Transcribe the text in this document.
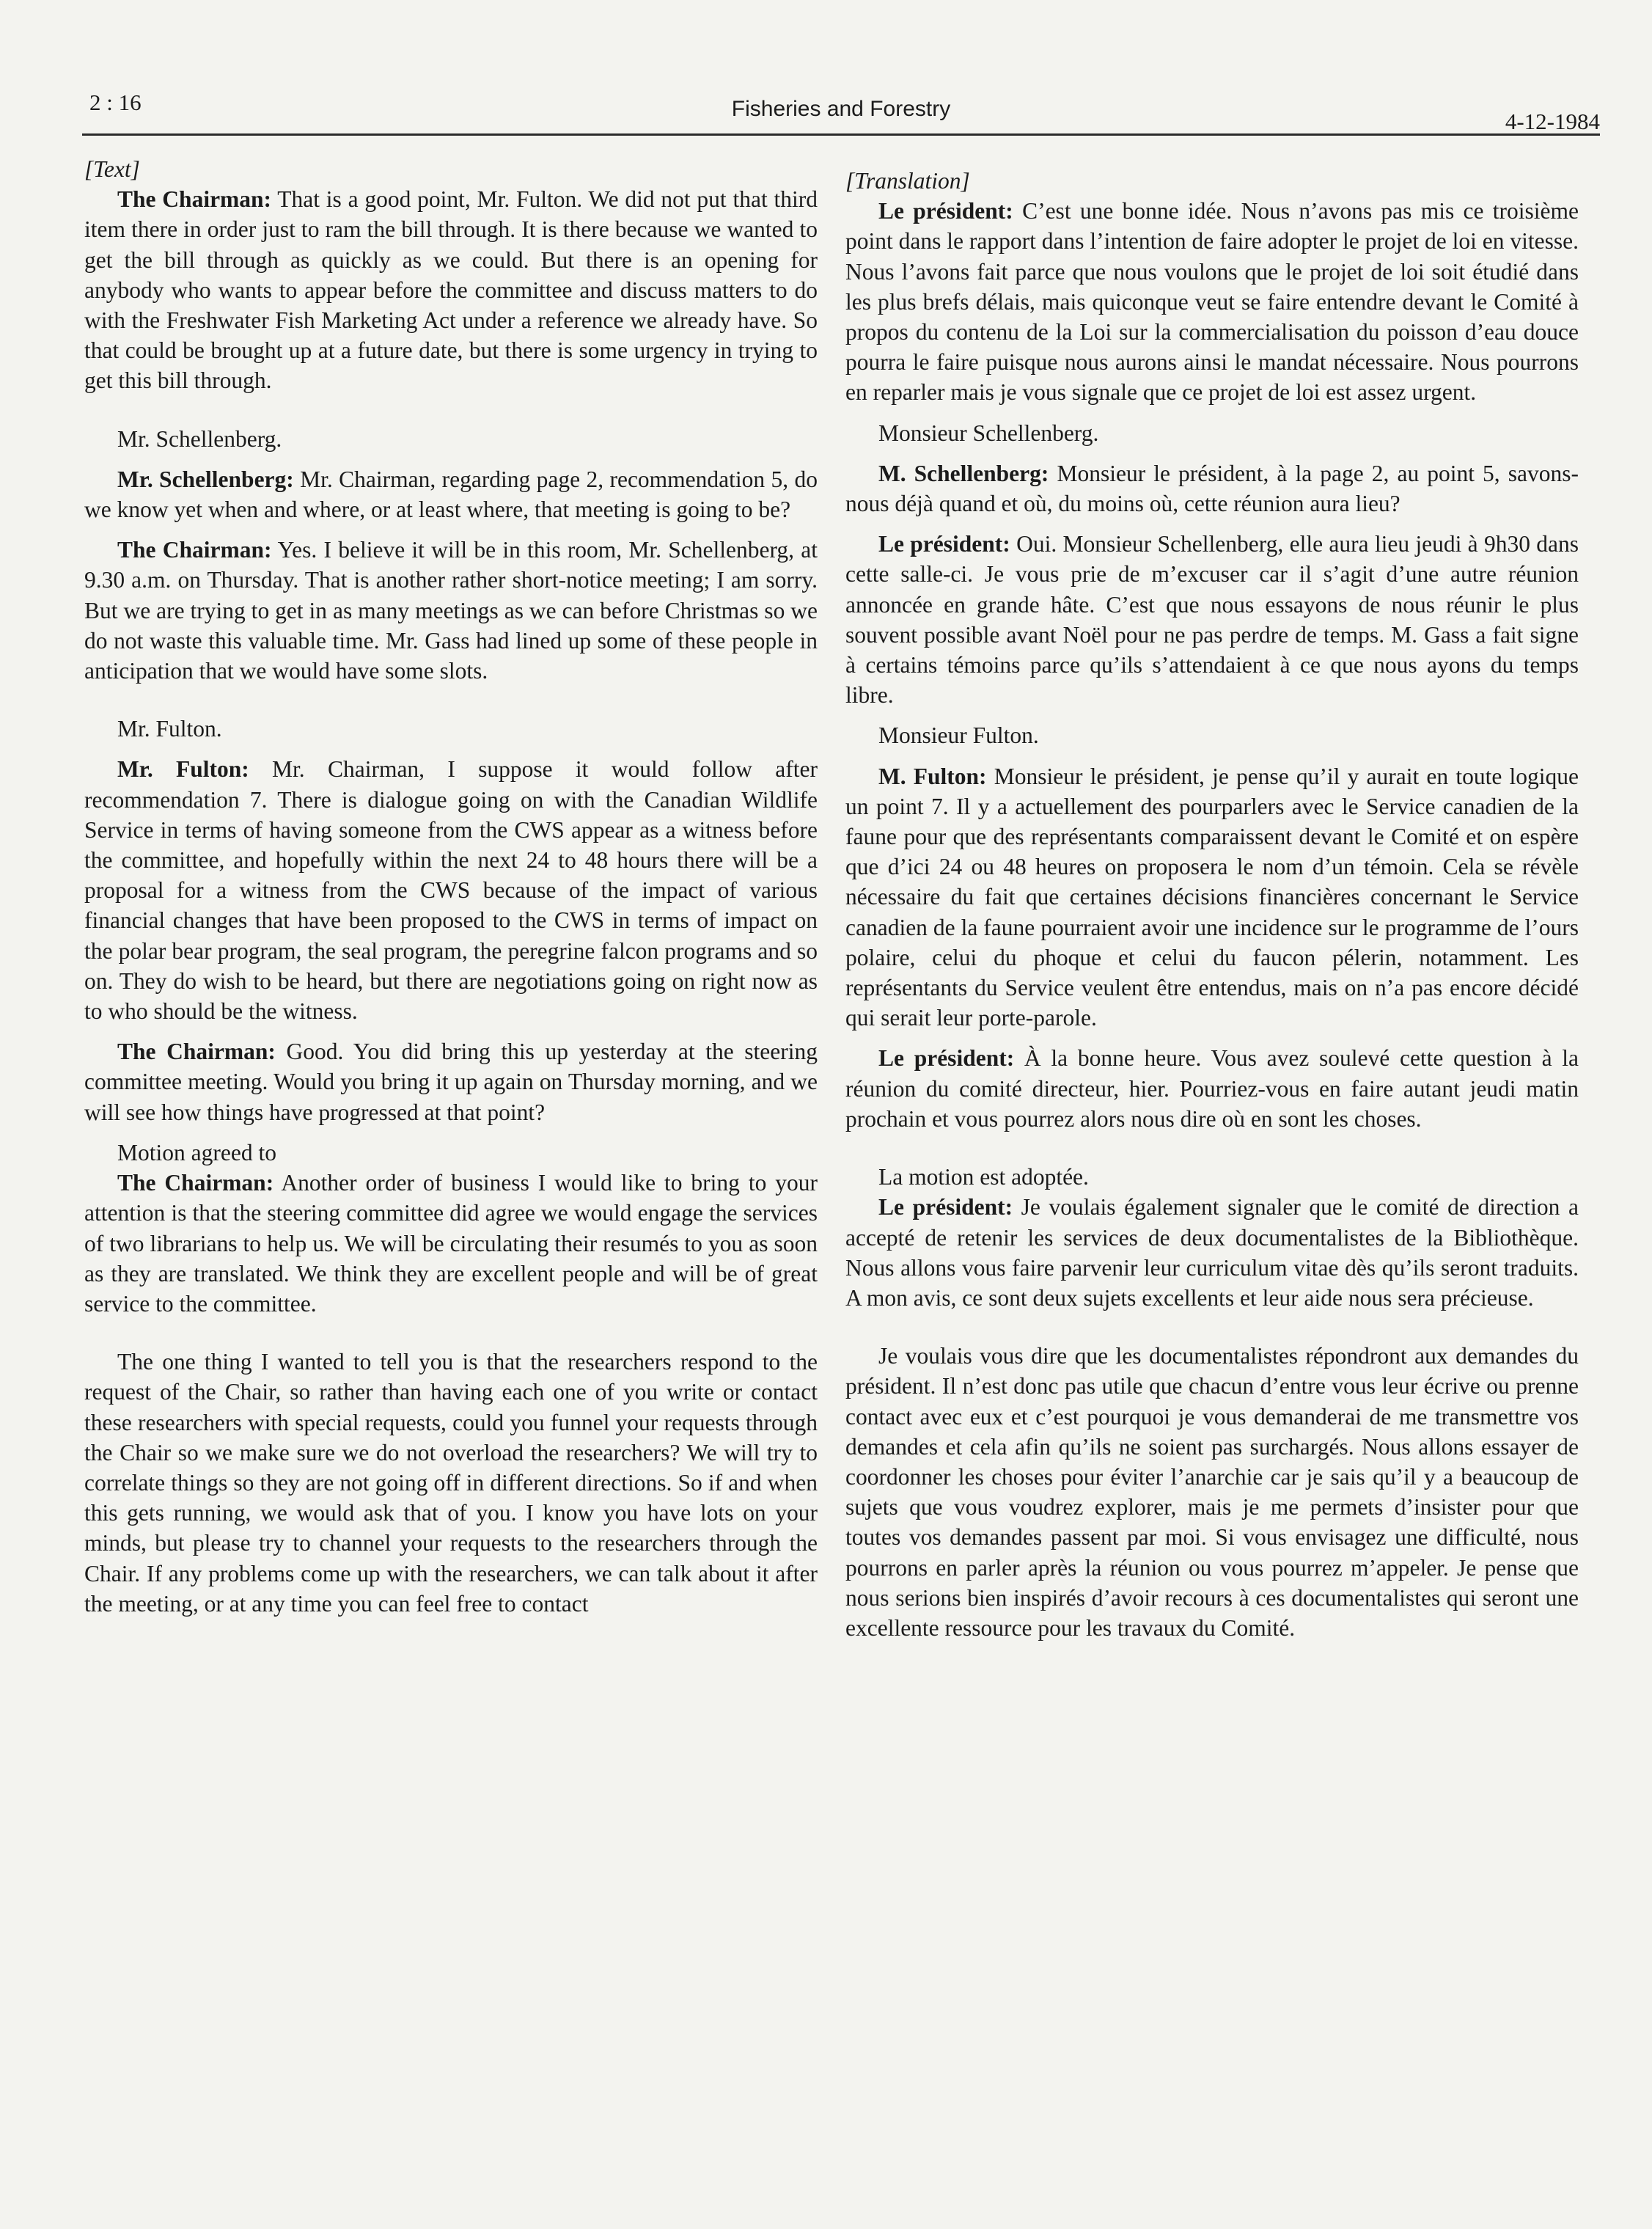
2 : 16	Fisheries and Forestry	4-12-1984

[Text]

The Chairman: That is a good point, Mr. Fulton. We did not put that third item there in order just to ram the bill through. It is there because we wanted to get the bill through as quickly as we could. But there is an opening for anybody who wants to appear before the committee and discuss matters to do with the Freshwater Fish Marketing Act under a reference we already have. So that could be brought up at a future date, but there is some urgency in trying to get this bill through.

Mr. Schellenberg.

Mr. Schellenberg: Mr. Chairman, regarding page 2, recommendation 5, do we know yet when and where, or at least where, that meeting is going to be?

The Chairman: Yes. I believe it will be in this room, Mr. Schellenberg, at 9.30 a.m. on Thursday. That is another rather short-notice meeting; I am sorry. But we are trying to get in as many meetings as we can before Christmas so we do not waste this valuable time. Mr. Gass had lined up some of these people in anticipation that we would have some slots.

Mr. Fulton.

Mr. Fulton: Mr. Chairman, I suppose it would follow after recommendation 7. There is dialogue going on with the Canadian Wildlife Service in terms of having someone from the CWS appear as a witness before the committee, and hopefully within the next 24 to 48 hours there will be a proposal for a witness from the CWS because of the impact of various financial changes that have been proposed to the CWS in terms of impact on the polar bear program, the seal program, the peregrine falcon programs and so on. They do wish to be heard, but there are negotiations going on right now as to who should be the witness.

The Chairman: Good. You did bring this up yesterday at the steering committee meeting. Would you bring it up again on Thursday morning, and we will see how things have progressed at that point?

Motion agreed to

The Chairman: Another order of business I would like to bring to your attention is that the steering committee did agree we would engage the services of two librarians to help us. We will be circulating their resumés to you as soon as they are translated. We think they are excellent people and will be of great service to the committee.

The one thing I wanted to tell you is that the researchers respond to the request of the Chair, so rather than having each one of you write or contact these researchers with special requests, could you funnel your requests through the Chair so we make sure we do not overload the researchers? We will try to correlate things so they are not going off in different directions. So if and when this gets running, we would ask that of you. I know you have lots on your minds, but please try to channel your requests to the researchers through the Chair. If any problems come up with the researchers, we can talk about it after the meeting, or at any time you can feel free to contact

[Translation]

Le président: C’est une bonne idée. Nous n’avons pas mis ce troisième point dans le rapport dans l’intention de faire adopter le projet de loi en vitesse. Nous l’avons fait parce que nous voulons que le projet de loi soit étudié dans les plus brefs délais, mais quiconque veut se faire entendre devant le Comité à propos du contenu de la Loi sur la commercialisation du poisson d’eau douce pourra le faire puisque nous aurons ainsi le mandat nécessaire. Nous pourrons en reparler mais je vous signale que ce projet de loi est assez urgent.

Monsieur Schellenberg.

M. Schellenberg: Monsieur le président, à la page 2, au point 5, savons-nous déjà quand et où, du moins où, cette réunion aura lieu?

Le président: Oui. Monsieur Schellenberg, elle aura lieu jeudi à 9h30 dans cette salle-ci. Je vous prie de m’excuser car il s’agit d’une autre réunion annoncée en grande hâte. C’est que nous essayons de nous réunir le plus souvent possible avant Noël pour ne pas perdre de temps. M. Gass a fait signe à certains témoins parce qu’ils s’attendaient à ce que nous ayons du temps libre.

Monsieur Fulton.

M. Fulton: Monsieur le président, je pense qu’il y aurait en toute logique un point 7. Il y a actuellement des pourparlers avec le Service canadien de la faune pour que des représentants comparaissent devant le Comité et on espère que d’ici 24 ou 48 heures on proposera le nom d’un témoin. Cela se révèle nécessaire du fait que certaines décisions financières concernant le Service canadien de la faune pourraient avoir une incidence sur le programme de l’ours polaire, celui du phoque et celui du faucon pélerin, notamment. Les représentants du Service veulent être entendus, mais on n’a pas encore décidé qui serait leur porte-parole.

Le président: À la bonne heure. Vous avez soulevé cette question à la réunion du comité directeur, hier. Pourriez-vous en faire autant jeudi matin prochain et vous pourrez alors nous dire où en sont les choses.

La motion est adoptée.

Le président: Je voulais également signaler que le comité de direction a accepté de retenir les services de deux documentalistes de la Bibliothèque. Nous allons vous faire parvenir leur curriculum vitae dès qu’ils seront traduits. A mon avis, ce sont deux sujets excellents et leur aide nous sera précieuse.

Je voulais vous dire que les documentalistes répondront aux demandes du président. Il n’est donc pas utile que chacun d’entre vous leur écrive ou prenne contact avec eux et c’est pourquoi je vous demanderai de me transmettre vos demandes et cela afin qu’ils ne soient pas surchargés. Nous allons essayer de coordonner les choses pour éviter l’anarchie car je sais qu’il y a beaucoup de sujets que vous voudrez explorer, mais je me permets d’insister pour que toutes vos demandes passent par moi. Si vous envisagez une difficulté, nous pourrons en parler après la réunion ou vous pourrez m’appeler. Je pense que nous serions bien inspirés d’avoir recours à ces documentalistes qui seront une excellente ressource pour les travaux du Comité.
